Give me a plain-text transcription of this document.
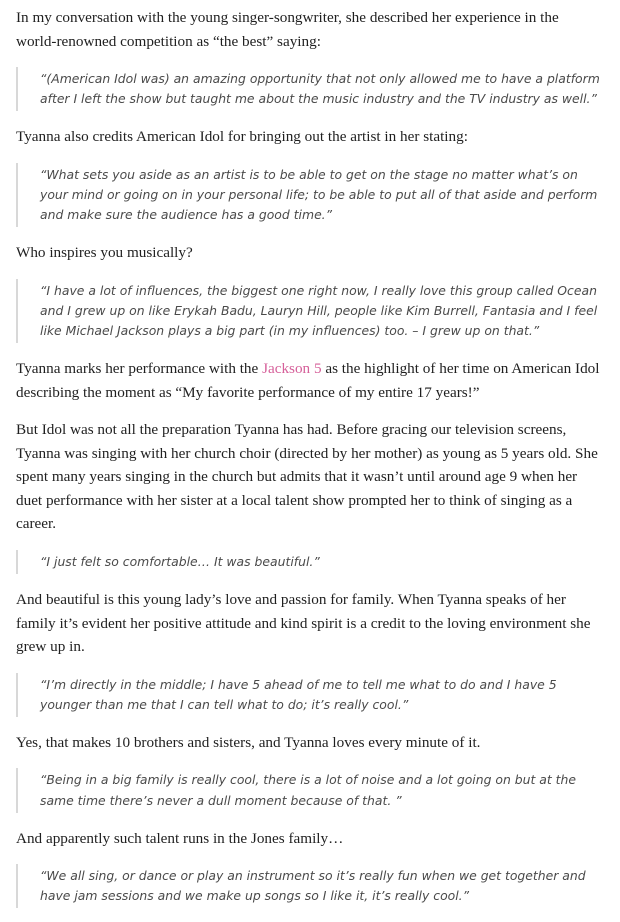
In my conversation with the young singer-songwriter, she described her experience in the world-renowned competition as “the best” saying:

“(American Idol was) an amazing opportunity that not only allowed me to have a platform after I left the show but taught me about the music industry and the TV industry as well.”

Tyanna also credits American Idol for bringing out the artist in her stating:

“What sets you aside as an artist is to be able to get on the stage no matter what’s on your mind or going on in your personal life; to be able to put all of that aside and perform and make sure the audience has a good time.”

Who inspires you musically?

“I have a lot of influences, the biggest one right now, I really love this group called Ocean and I grew up on like Erykah Badu, Lauryn Hill, people like Kim Burrell, Fantasia and I feel like Michael Jackson plays a big part (in my influences) too. – I grew up on that.”

Tyanna marks her performance with the Jackson 5 as the highlight of her time on American Idol describing the moment as “My favorite performance of my entire 17 years!”

But Idol was not all the preparation Tyanna has had. Before gracing our television screens, Tyanna was singing with her church choir (directed by her mother) as young as 5 years old. She spent many years singing in the church but admits that it wasn’t until around age 9 when her duet performance with her sister at a local talent show prompted her to think of singing as a career.

“I just felt so comfortable… It was beautiful.”

And beautiful is this young lady’s love and passion for family. When Tyanna speaks of her family it’s evident her positive attitude and kind spirit is a credit to the loving environment she grew up in.

“I’m directly in the middle; I have 5 ahead of me to tell me what to do and I have 5 younger than me that I can tell what to do; it’s really cool.”

Yes, that makes 10 brothers and sisters, and Tyanna loves every minute of it.

“Being in a big family is really cool, there is a lot of noise and a lot going on but at the same time there’s never a dull moment because of that. ”

And apparently such talent runs in the Jones family…

“We all sing, or dance or play an instrument so it’s really fun when we get together and have jam sessions and we make up songs so I like it, it’s really cool.”
